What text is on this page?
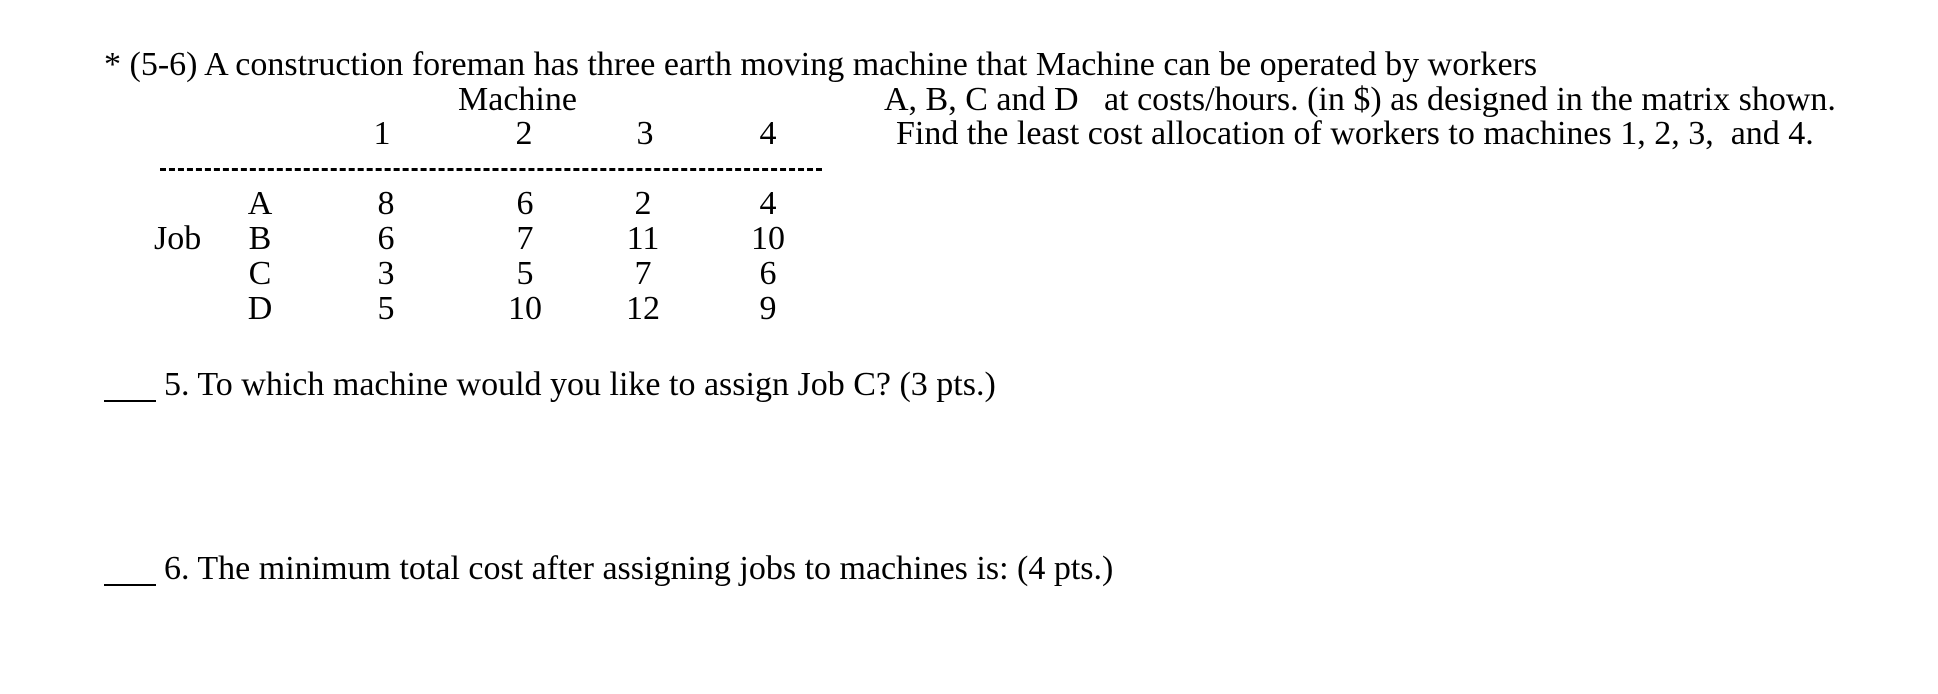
* (5-6) A construction foreman has three earth moving machine that Machine can be operated by workers
A, B, C and D   at costs/hours. (in $) as designed in the matrix shown.
Find the least cost allocation of workers to machines 1, 2, 3,  and 4.
Machine
1	2	3	4
Job
A	8	6	2	4
B	6	7	11	10
C	3	5	7	6
D	5	10	12	9
5. To which machine would you like to assign Job C? (3 pts.)
6. The minimum total cost after assigning jobs to machines is: (4 pts.)
